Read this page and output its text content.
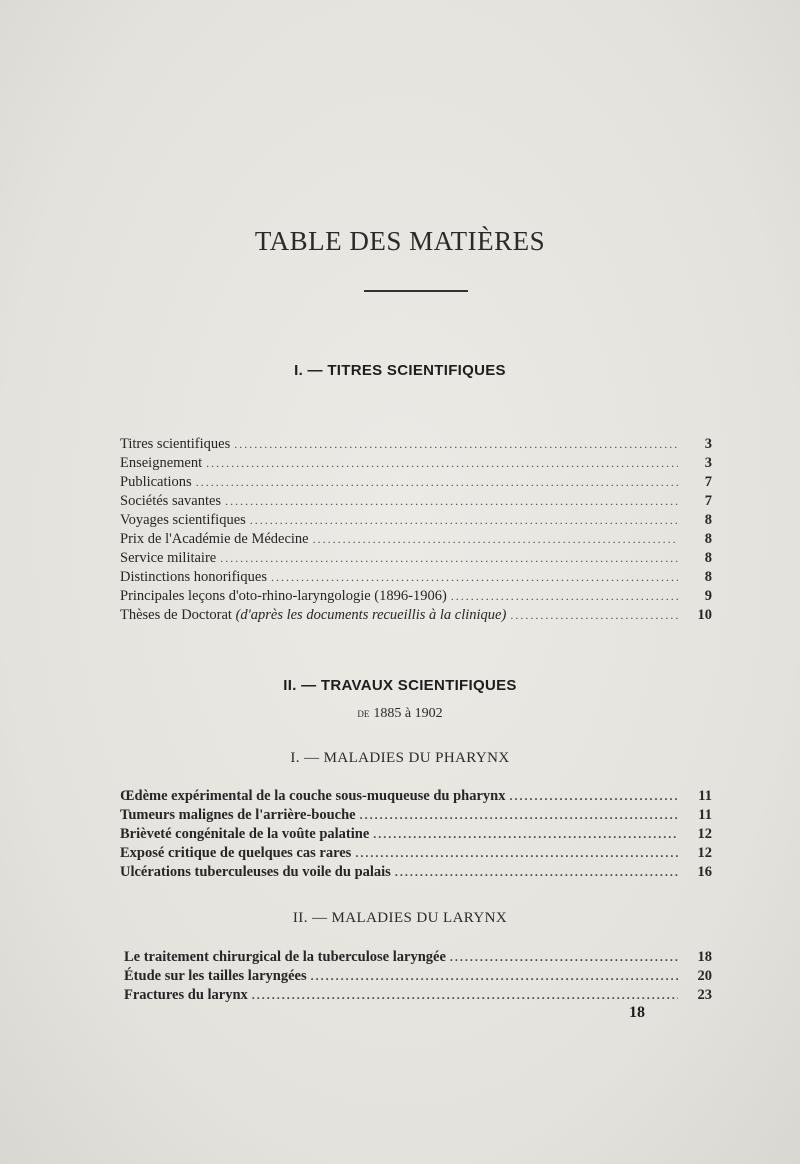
TABLE DES MATIÈRES
I. — TITRES SCIENTIFIQUES
Titres scientifiques .....	3
Enseignement .....	3
Publications .....	7
Sociétés savantes .....	7
Voyages scientifiques .....	8
Prix de l'Académie de Médecine .....	8
Service militaire .....	8
Distinctions honorifiques .....	8
Principales leçons d'oto-rhino-laryngologie (1896-1906) .....	9
Thèses de Doctorat (d'après les documents recueillis à la clinique) .....	10
II. — TRAVAUX SCIENTIFIQUES
de 1885 à 1902
I. — MALADIES DU PHARYNX
Œdème expérimental de la couche sous-muqueuse du pharynx .....	11
Tumeurs malignes de l'arrière-bouche .....	11
Brièveté congénitale de la voûte palatine .....	12
Exposé critique de quelques cas rares .....	12
Ulcérations tuberculeuses du voile du palais .....	16
II. — MALADIES DU LARYNX
Le traitement chirurgical de la tuberculose laryngée .....	18
Étude sur les tailles laryngées .....	20
Fractures du larynx .....	23
18
